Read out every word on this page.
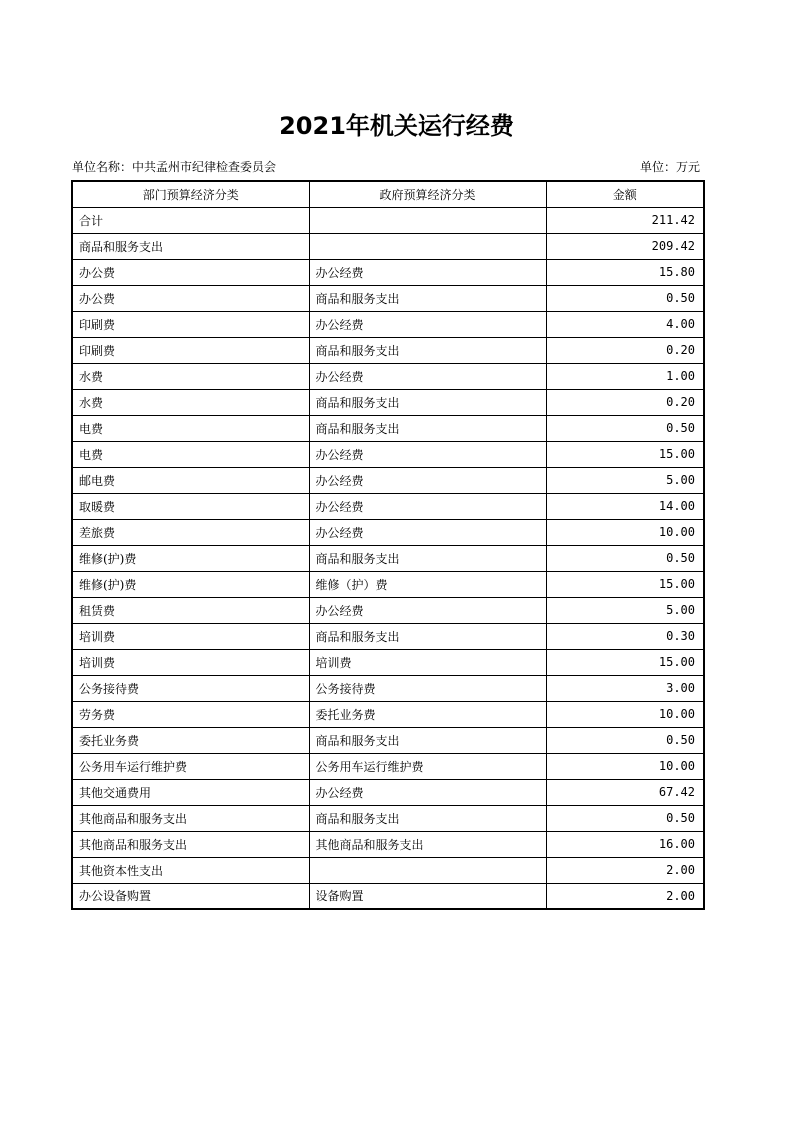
2021年机关运行经费
单位名称：中共孟州市纪律检查委员会	单位：万元
部门预算经济分类	政府预算经济分类	金额
合计		211.42
商品和服务支出		209.42
办公费	办公经费	15.80
办公费	商品和服务支出	0.50
印刷费	办公经费	4.00
印刷费	商品和服务支出	0.20
水费	办公经费	1.00
水费	商品和服务支出	0.20
电费	商品和服务支出	0.50
电费	办公经费	15.00
邮电费	办公经费	5.00
取暖费	办公经费	14.00
差旅费	办公经费	10.00
维修(护)费	商品和服务支出	0.50
维修(护)费	维修（护）费	15.00
租赁费	办公经费	5.00
培训费	商品和服务支出	0.30
培训费	培训费	15.00
公务接待费	公务接待费	3.00
劳务费	委托业务费	10.00
委托业务费	商品和服务支出	0.50
公务用车运行维护费	公务用车运行维护费	10.00
其他交通费用	办公经费	67.42
其他商品和服务支出	商品和服务支出	0.50
其他商品和服务支出	其他商品和服务支出	16.00
其他资本性支出		2.00
办公设备购置	设备购置	2.00
